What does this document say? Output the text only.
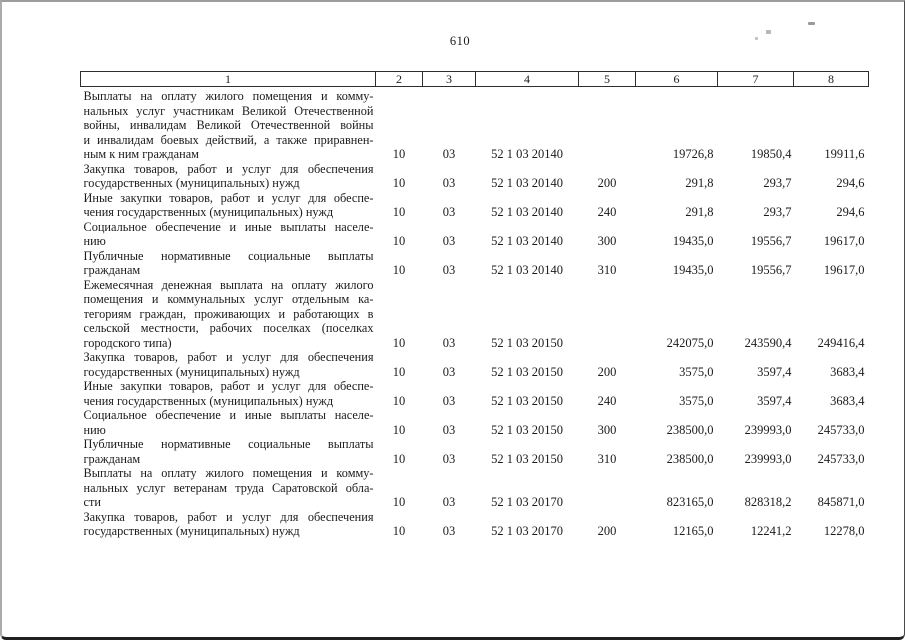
610
1	2	3	4	5	6	7	8

Выплаты на оплату жилого помещения и комму-
нальных услуг участникам Великой Отечественной
войны, инвалидам Великой Отечественной войны
и инвалидам боевых действий, а также приравнен-
ным к ним гражданам	10	03	52 1 03 20140		19726,8	19850,4	19911,6

Закупка товаров, работ и услуг для обеспечения
государственных (муниципальных) нужд	10	03	52 1 03 20140	200	291,8	293,7	294,6

Иные закупки товаров, работ и услуг для обеспе-
чения государственных (муниципальных) нужд	10	03	52 1 03 20140	240	291,8	293,7	294,6

Социальное обеспечение и иные выплаты населе-
нию	10	03	52 1 03 20140	300	19435,0	19556,7	19617,0

Публичные нормативные социальные выплаты
гражданам	10	03	52 1 03 20140	310	19435,0	19556,7	19617,0

Ежемесячная денежная выплата на оплату жилого
помещения и коммунальных услуг отдельным ка-
тегориям граждан, проживающих и работающих в
сельской местности, рабочих поселках (поселках
городского типа)	10	03	52 1 03 20150		242075,0	243590,4	249416,4

Закупка товаров, работ и услуг для обеспечения
государственных (муниципальных) нужд	10	03	52 1 03 20150	200	3575,0	3597,4	3683,4

Иные закупки товаров, работ и услуг для обеспе-
чения государственных (муниципальных) нужд	10	03	52 1 03 20150	240	3575,0	3597,4	3683,4

Социальное обеспечение и иные выплаты населе-
нию	10	03	52 1 03 20150	300	238500,0	239993,0	245733,0

Публичные нормативные социальные выплаты
гражданам	10	03	52 1 03 20150	310	238500,0	239993,0	245733,0

Выплаты на оплату жилого помещения и комму-
нальных услуг ветеранам труда Саратовской обла-
сти	10	03	52 1 03 20170		823165,0	828318,2	845871,0

Закупка товаров, работ и услуг для обеспечения
государственных (муниципальных) нужд	10	03	52 1 03 20170	200	12165,0	12241,2	12278,0
